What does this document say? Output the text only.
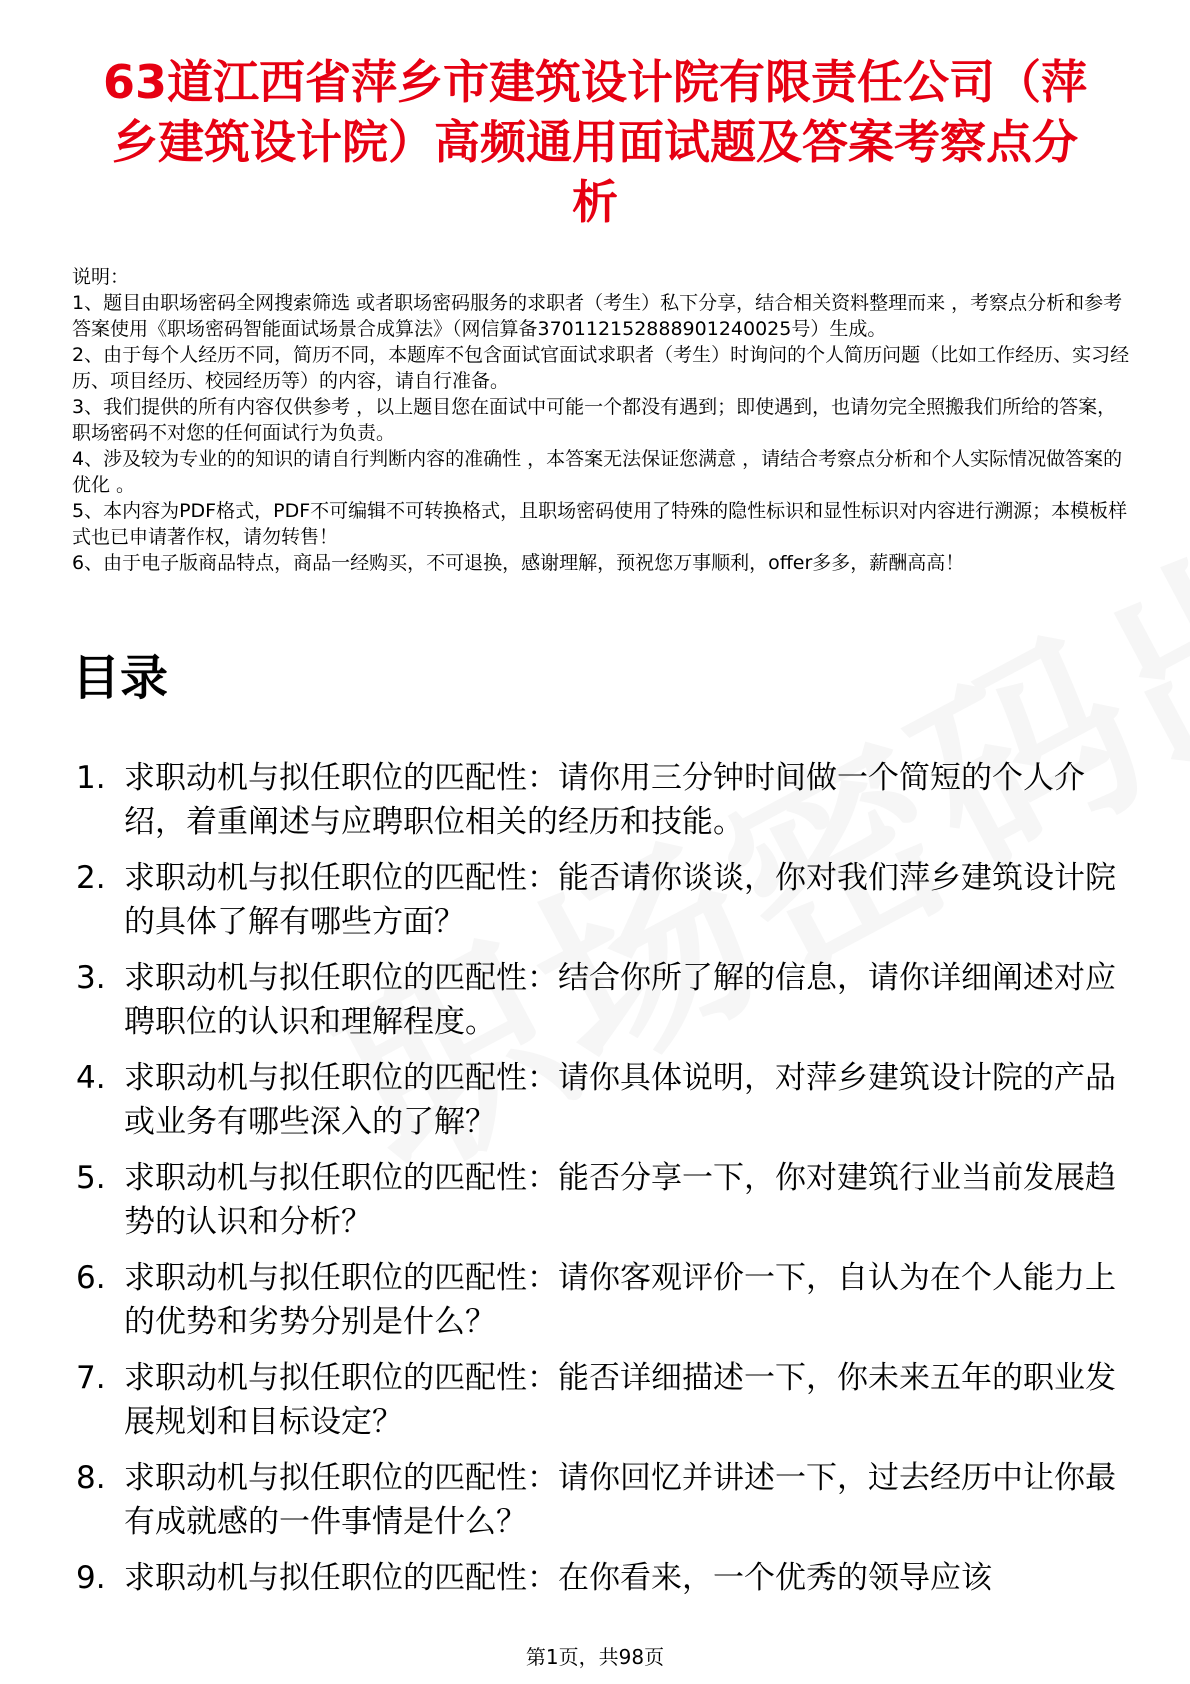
63道江西省萍乡市建筑设计院有限责任公司（萍乡建筑设计院）高频通用面试题及答案考察点分析

说明：

1、题目由职场密码全网搜索筛选 或者职场密码服务的求职者（考生）私下分享，结合相关资料整理而来 ，考察点分析和参考答案使用《职场密码智能面试场景合成算法》（网信算备370112152888901240025号）生成。

2、由于每个人经历不同，简历不同，本题库不包含面试官面试求职者（考生）时询问的个人简历问题（比如工作经历、实习经历、项目经历、校园经历等）的内容，请自行准备。

3、我们提供的所有内容仅供参考 ，以上题目您在面试中可能一个都没有遇到；即使遇到，也请勿完全照搬我们所给的答案，职场密码不对您的任何面试行为负责。

4、涉及较为专业的的知识的请自行判断内容的准确性 ，本答案无法保证您满意 ，请结合考察点分析和个人实际情况做答案的优化 。

5、本内容为PDF格式，PDF不可编辑不可转换格式，且职场密码使用了特殊的隐性标识和显性标识对内容进行溯源；本模板样式也已申请著作权，请勿转售！

6、由于电子版商品特点，商品一经购买，不可退换，感谢理解，预祝您万事顺利，offer多多，薪酬高高！

目录
1. 求职动机与拟任职位的匹配性：请你用三分钟时间做一个简短的个人介绍，着重阐述与应聘职位相关的经历和技能。
2. 求职动机与拟任职位的匹配性：能否请你谈谈，你对我们萍乡建筑设计院的具体了解有哪些方面？
3. 求职动机与拟任职位的匹配性：结合你所了解的信息，请你详细阐述对应聘职位的认识和理解程度。
4. 求职动机与拟任职位的匹配性：请你具体说明，对萍乡建筑设计院的产品或业务有哪些深入的了解？
5. 求职动机与拟任职位的匹配性：能否分享一下，你对建筑行业当前发展趋势的认识和分析？
6. 求职动机与拟任职位的匹配性：请你客观评价一下，自认为在个人能力上的优势和劣势分别是什么？
7. 求职动机与拟任职位的匹配性：能否详细描述一下，你未来五年的职业发展规划和目标设定？
8. 求职动机与拟任职位的匹配性：请你回忆并讲述一下，过去经历中让你最有成就感的一件事情是什么？
9. 求职动机与拟任职位的匹配性：在你看来，一个优秀的领导应该
第1页，共98页
